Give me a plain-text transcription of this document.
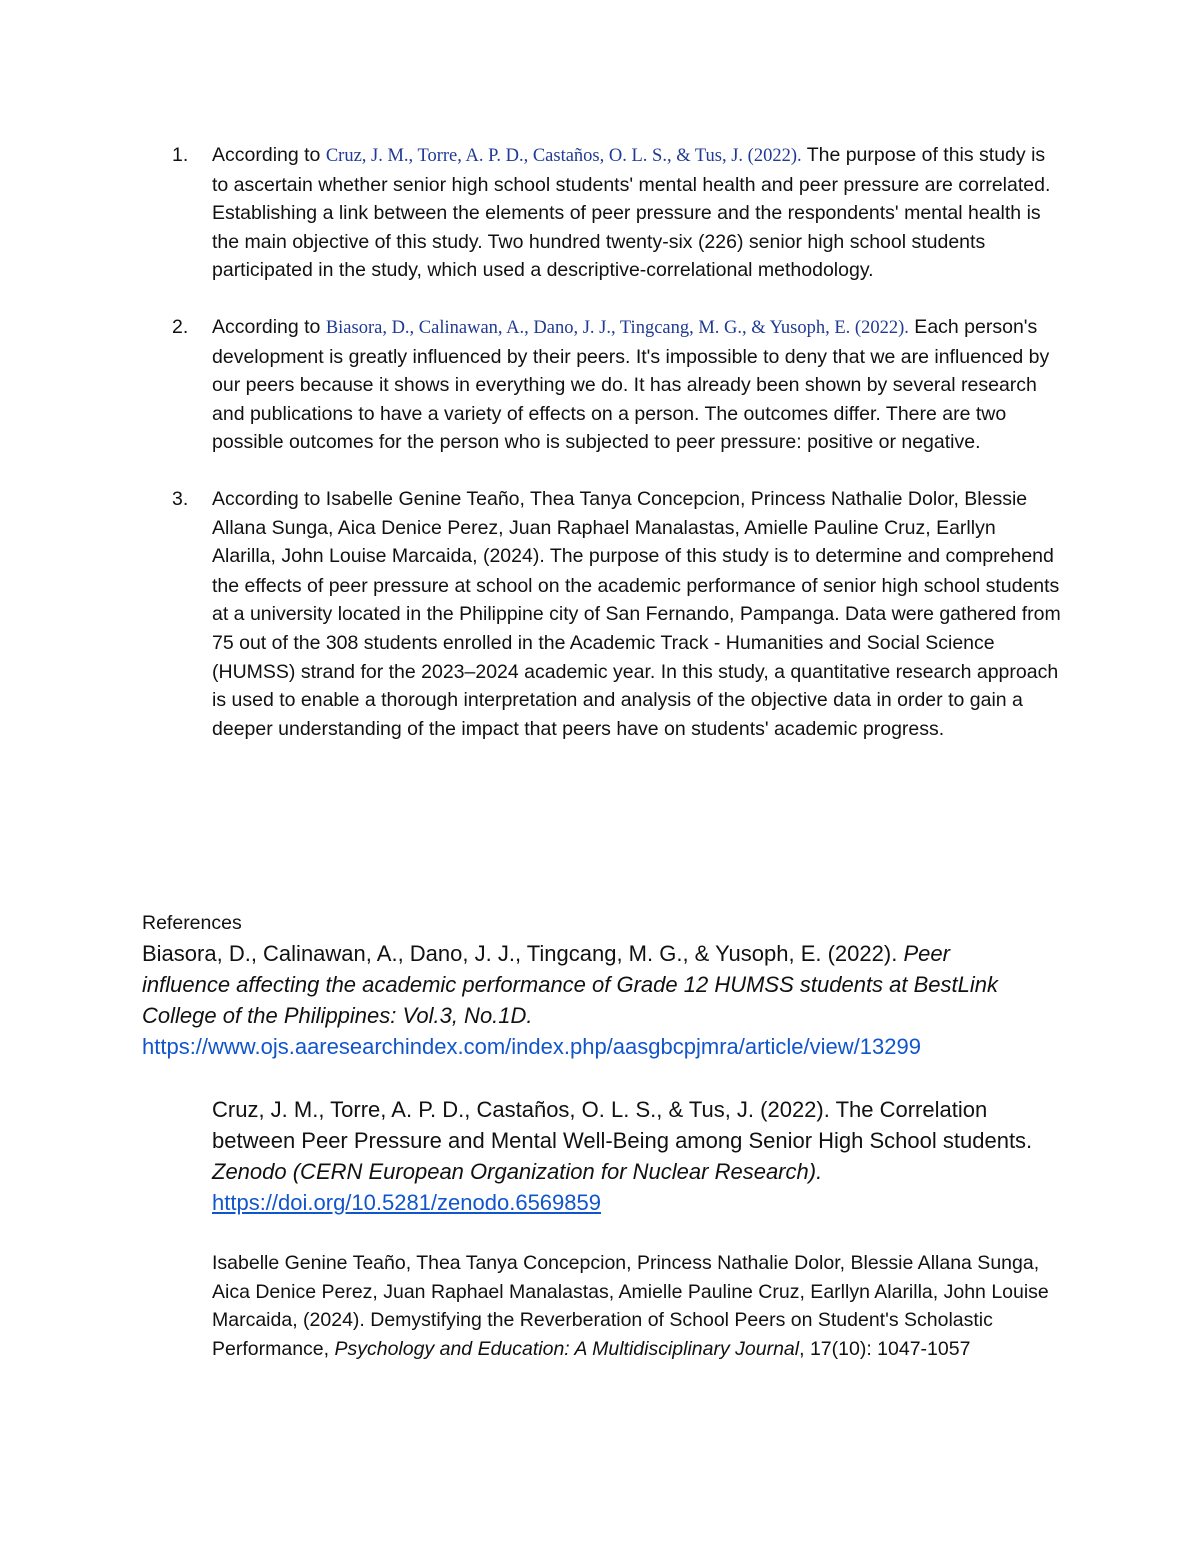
1.	According to Cruz, J. M., Torre, A. P. D., Castaños, O. L. S., & Tus, J. (2022). The purpose of this study is to ascertain whether senior high school students' mental health and peer pressure are correlated. Establishing a link between the elements of peer pressure and the respondents' mental health is the main objective of this study. Two hundred twenty-six (226) senior high school students participated in the study, which used a descriptive-correlational methodology.
2.	According to Biasora, D., Calinawan, A., Dano, J. J., Tingcang, M. G., & Yusoph, E. (2022). Each person's development is greatly influenced by their peers. It's impossible to deny that we are influenced by our peers because it shows in everything we do. It has already been shown by several research and publications to have a variety of effects on a person. The outcomes differ. There are two possible outcomes for the person who is subjected to peer pressure: positive or negative.
3.	According to Isabelle Genine Teaño, Thea Tanya Concepcion, Princess Nathalie Dolor, Blessie Allana Sunga, Aica Denice Perez, Juan Raphael Manalastas, Amielle Pauline Cruz, Earllyn Alarilla, John Louise Marcaida, (2024). The purpose of this study is to determine and comprehend the effects of peer pressure at school on the academic performance of senior high school students at a university located in the Philippine city of San Fernando, Pampanga. Data were gathered from 75 out of the 308 students enrolled in the Academic Track - Humanities and Social Science (HUMSS) strand for the 2023–2024 academic year. In this study, a quantitative research approach is used to enable a thorough interpretation and analysis of the objective data in order to gain a deeper understanding of the impact that peers have on students' academic progress.
References

Biasora, D., Calinawan, A., Dano, J. J., Tingcang, M. G., & Yusoph, E. (2022). Peer influence affecting the academic performance of Grade 12 HUMSS students at BestLink College of the Philippines: Vol.3, No.1D.
https://www.ojs.aaresearchindex.com/index.php/aasgbcpjmra/article/view/13299

Cruz, J. M., Torre, A. P. D., Castaños, O. L. S., & Tus, J. (2022). The Correlation between Peer Pressure and Mental Well-Being among Senior High School students. Zenodo (CERN European Organization for Nuclear Research).
https://doi.org/10.5281/zenodo.6569859

Isabelle Genine Teaño, Thea Tanya Concepcion, Princess Nathalie Dolor, Blessie Allana Sunga, Aica Denice Perez, Juan Raphael Manalastas, Amielle Pauline Cruz, Earllyn Alarilla, John Louise Marcaida, (2024). Demystifying the Reverberation of School Peers on Student's Scholastic Performance, Psychology and Education: A Multidisciplinary Journal, 17(10): 1047-1057
